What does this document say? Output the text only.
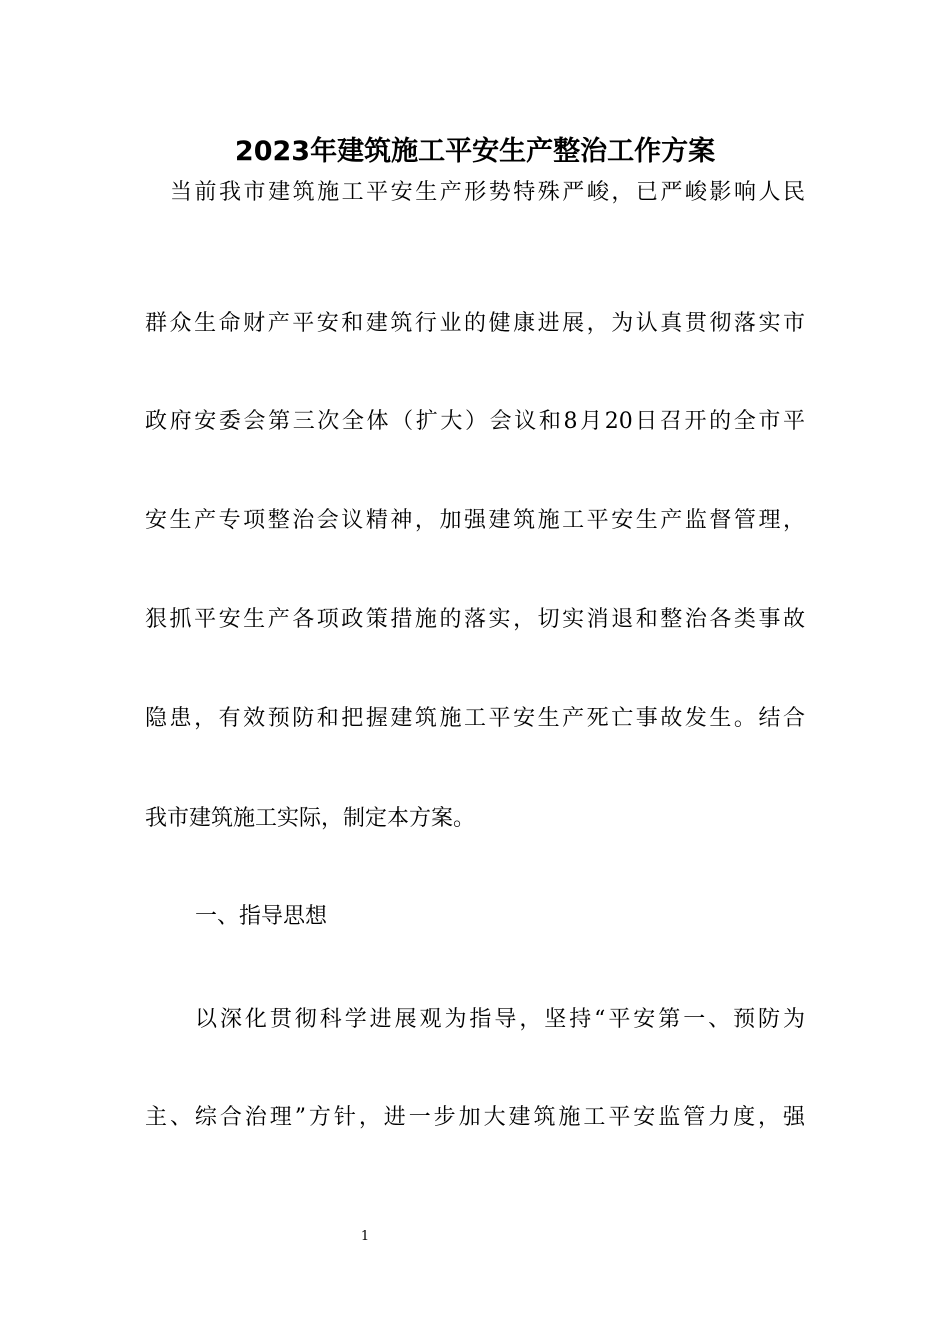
2023年建筑施工平安生产整治工作方案
当前我市建筑施工平安生产形势特殊严峻，已严峻影响人民
群众生命财产平安和建筑行业的健康进展，为认真贯彻落实市
政府安委会第三次全体（扩大）会议和8月20日召开的全市平
安生产专项整治会议精神，加强建筑施工平安生产监督管理，
狠抓平安生产各项政策措施的落实，切实消退和整治各类事故
隐患，有效预防和把握建筑施工平安生产死亡事故发生。结合
我市建筑施工实际，制定本方案。
一、指导思想
以深化贯彻科学进展观为指导，坚持“平安第一、预防为
主、综合治理”方针，进一步加大建筑施工平安监管力度，强
1
